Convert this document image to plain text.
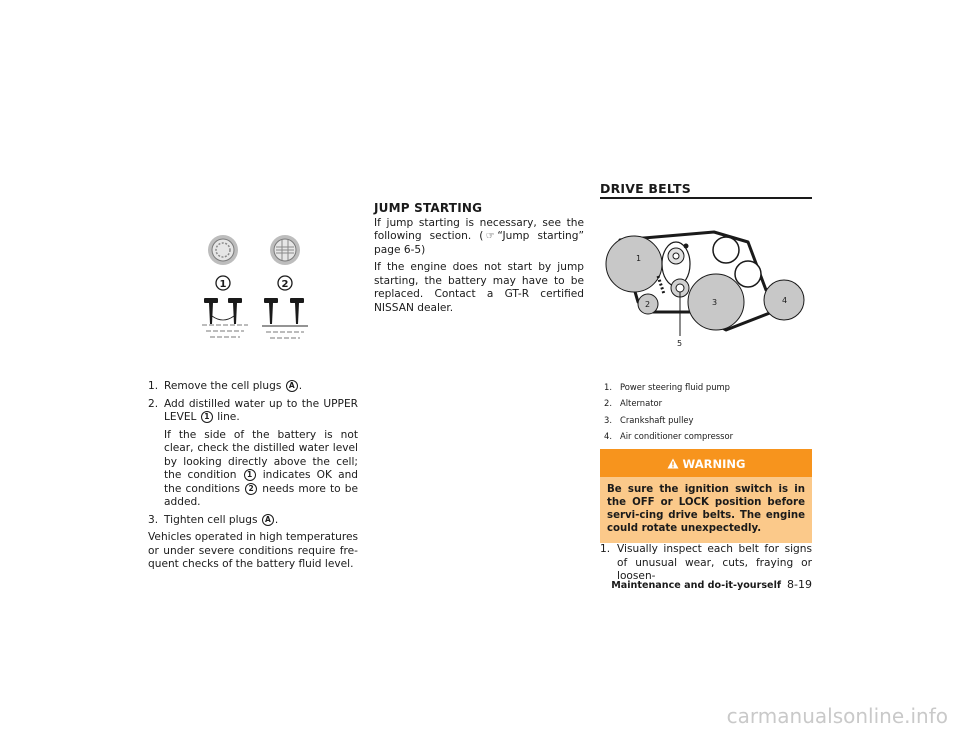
1	2
1. Remove the cell plugs A .
2. Add distilled water up to the UPPER LEVEL 1 line.
If the side of the battery is not clear, check the distilled water level by looking directly above the cell; the condition 1 indicates OK and the conditions 2 needs more to be added.
3. Tighten cell plugs A .

Vehicles operated in high temperatures or under severe conditions require fre-quent checks of the battery fluid level.

JUMP STARTING

If jump starting is necessary, see the following section. ( ☞ “Jump starting” page 6-5)

If the engine does not start by jump starting, the battery may have to be replaced. Contact a GT-R certified NISSAN dealer.

DRIVE BELTS
1
2	3	4
5
1. Power steering fluid pump
2. Alternator
3. Crankshaft pulley
4. Air conditioner compressor
WARNING
Be sure the ignition switch is in the OFF or LOCK position before servi-cing drive belts. The engine could rotate unexpectedly.
1. Visually inspect each belt for signs of unusual wear, cuts, fraying or loosen-
Maintenance and do-it-yourself 8-19
carmanualsonline.info
